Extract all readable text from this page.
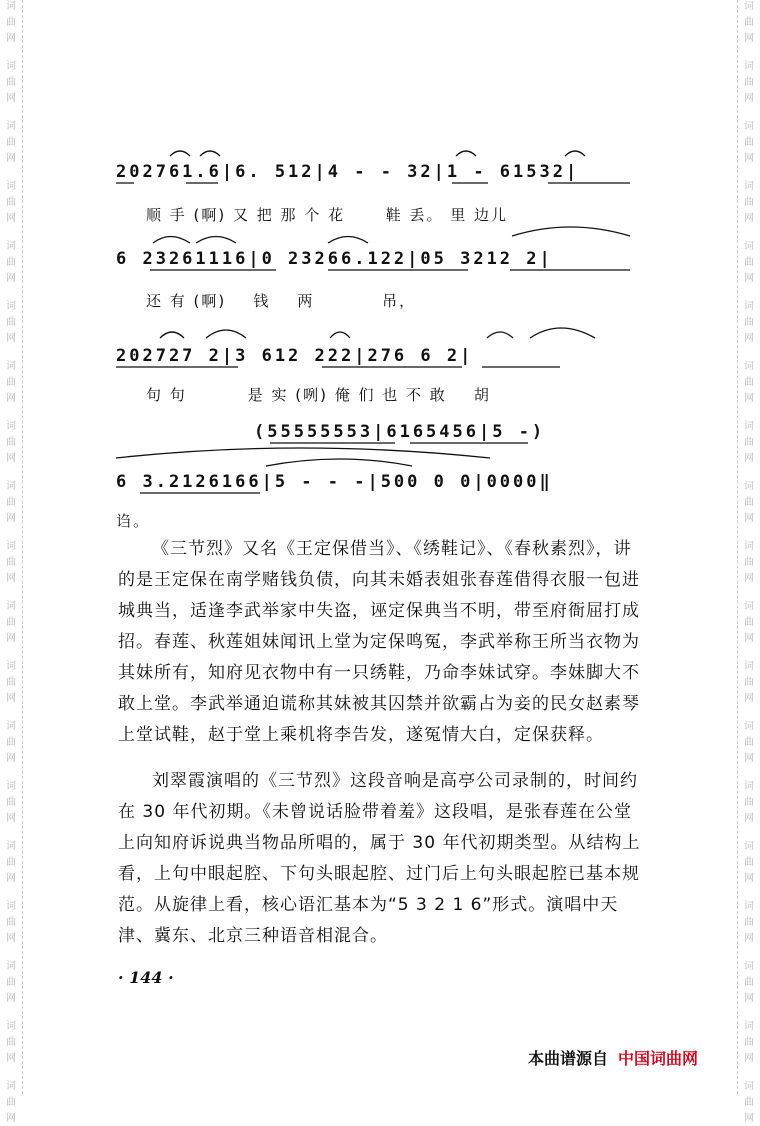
词
曲
网
词
曲
网
词
曲
网
词
曲
网
词
曲
网
词
曲
网
词
曲
网
词
曲
网
词
曲
网
词
曲
网
词
曲
网
词
曲
网
词
曲
网
词
曲
网
词
曲
网
词
曲
网
词
曲
网
词
曲
网
词
曲
网
词
曲
网
词
曲
网
词
曲
网
词
曲
网
词
曲
网
词
曲
网
词
曲
网
词
曲
网
词
曲
网
词
曲
网
词
曲
网
词
曲
网
词
曲
网
词
曲
网
词
曲
网
词
曲
网
词
曲
网
词
曲
网
词
曲
网
202761.6|6. 512|4 - - 32|1 - 61532|
顺 手 (啊) 又 把 那 个 花      鞋 丢。 里 边儿
6 23261116|0 23266.122|05 3212 2|
还 有 (啊)    钱    两          吊，
202727 2|3 612 222|276 6 2|
句 句         是 实 (咧) 俺 们 也 不 敢    胡
(55555553|6165456|5 -)
6 3.2126166|5 - - -|500 0 0|0000‖
诌。
《三节烈》又名《王定保借当》、《绣鞋记》、《春秋素烈》，讲的是王定保在南学赌钱负债，向其未婚表姐张春莲借得衣服一包进城典当，适逢李武举家中失盗，诬定保典当不明，带至府衙屈打成招。春莲、秋莲姐妹闻讯上堂为定保鸣冤，李武举称王所当衣物为其妹所有，知府见衣物中有一只绣鞋，乃命李妹试穿。李妹脚大不敢上堂。李武举通迫谎称其妹被其囚禁并欲霸占为妾的民女赵素琴上堂试鞋，赵于堂上乘机将李告发，遂冤情大白，定保获释。
刘翠霞演唱的《三节烈》这段音响是高亭公司录制的，时间约在 30 年代初期。《未曾说话脸带着羞》这段唱，是张春莲在公堂上向知府诉说典当物品所唱的，属于 30 年代初期类型。从结构上看，上句中眼起腔、下句头眼起腔、过门后上句头眼起腔已基本规范。从旋律上看，核心语汇基本为“5 3 2 1 6”形式。演唱中天津、冀东、北京三种语音相混合。
· 144 ·
本曲谱源自 中国词曲网
